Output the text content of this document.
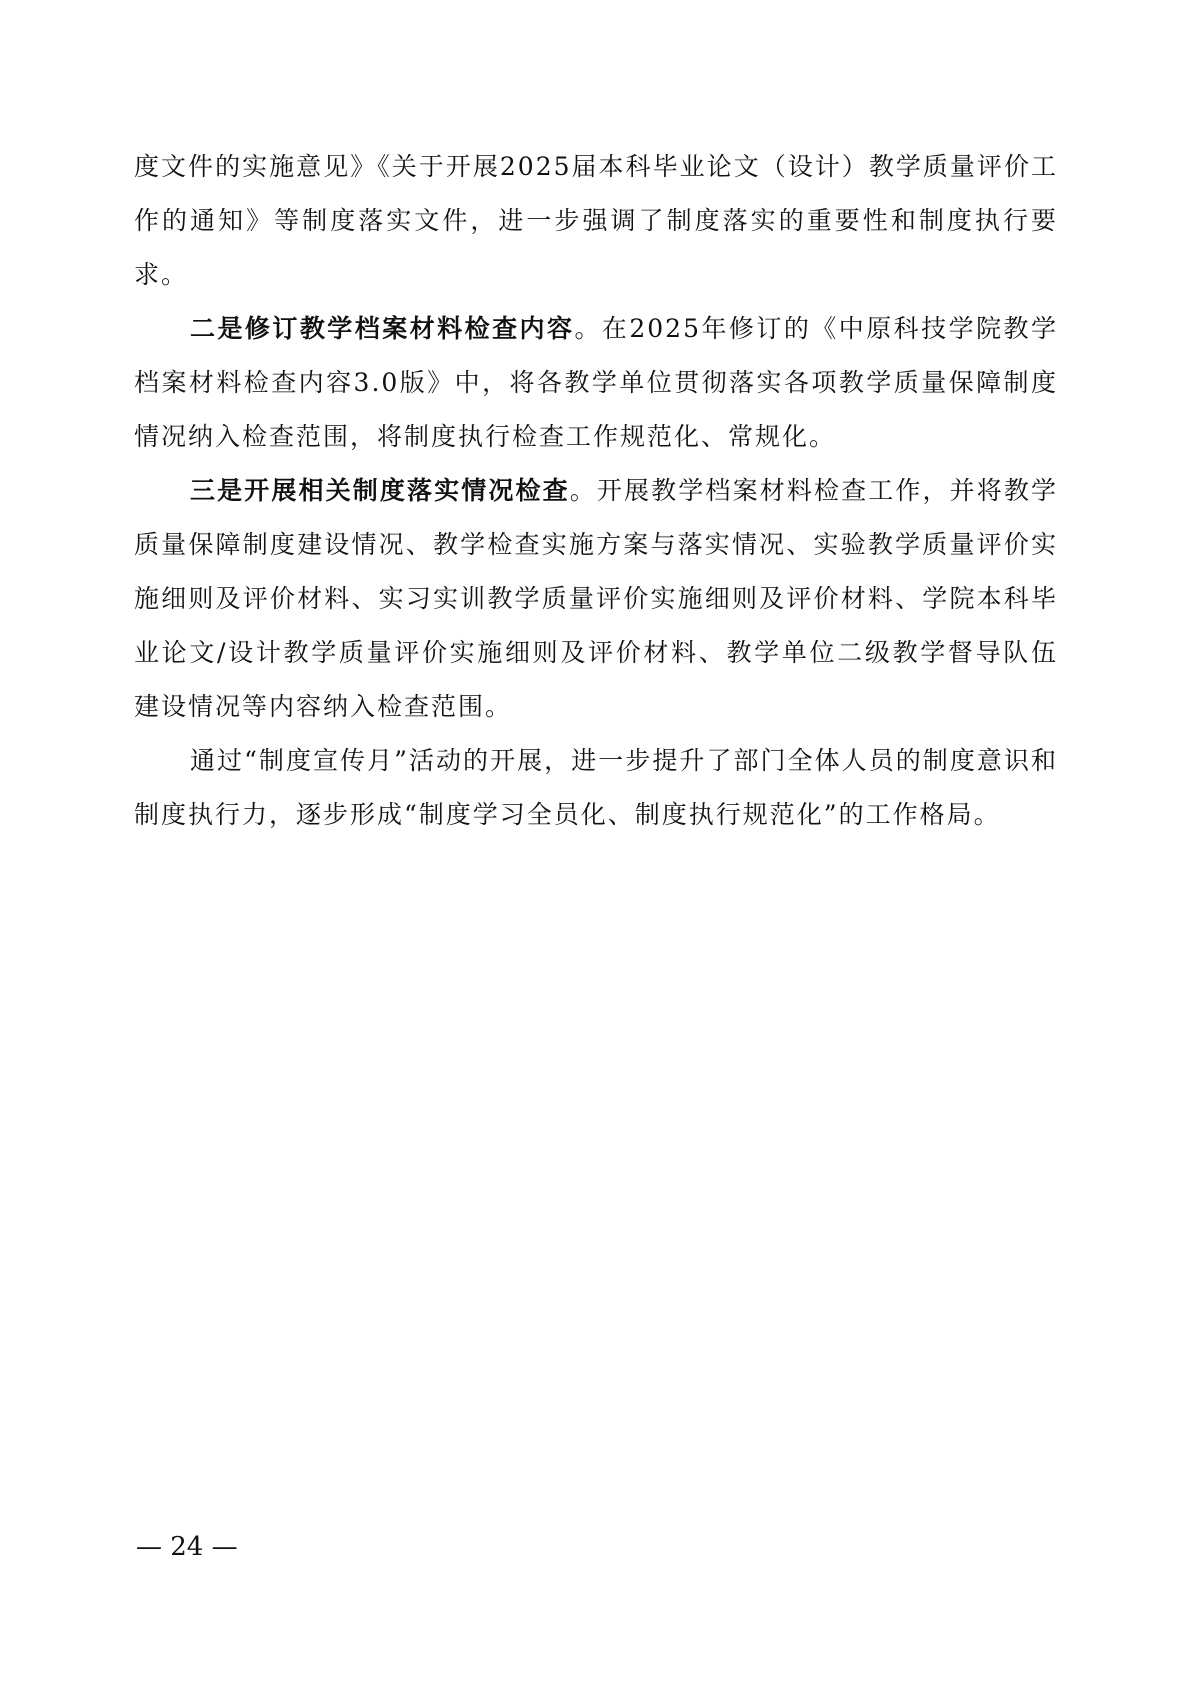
度文件的实施意见》《关于开展2025届本科毕业论文（设计）教学质量评价工作的通知》等制度落实文件，进一步强调了制度落实的重要性和制度执行要求。

二是修订教学档案材料检查内容。在2025年修订的《中原科技学院教学档案材料检查内容3.0版》中，将各教学单位贯彻落实各项教学质量保障制度情况纳入检查范围，将制度执行检查工作规范化、常规化。

三是开展相关制度落实情况检查。开展教学档案材料检查工作，并将教学质量保障制度建设情况、教学检查实施方案与落实情况、实验教学质量评价实施细则及评价材料、实习实训教学质量评价实施细则及评价材料、学院本科毕业论文/设计教学质量评价实施细则及评价材料、教学单位二级教学督导队伍建设情况等内容纳入检查范围。

通过“制度宣传月”活动的开展，进一步提升了部门全体人员的制度意识和制度执行力，逐步形成“制度学习全员化、制度执行规范化”的工作格局。

— 24 —
